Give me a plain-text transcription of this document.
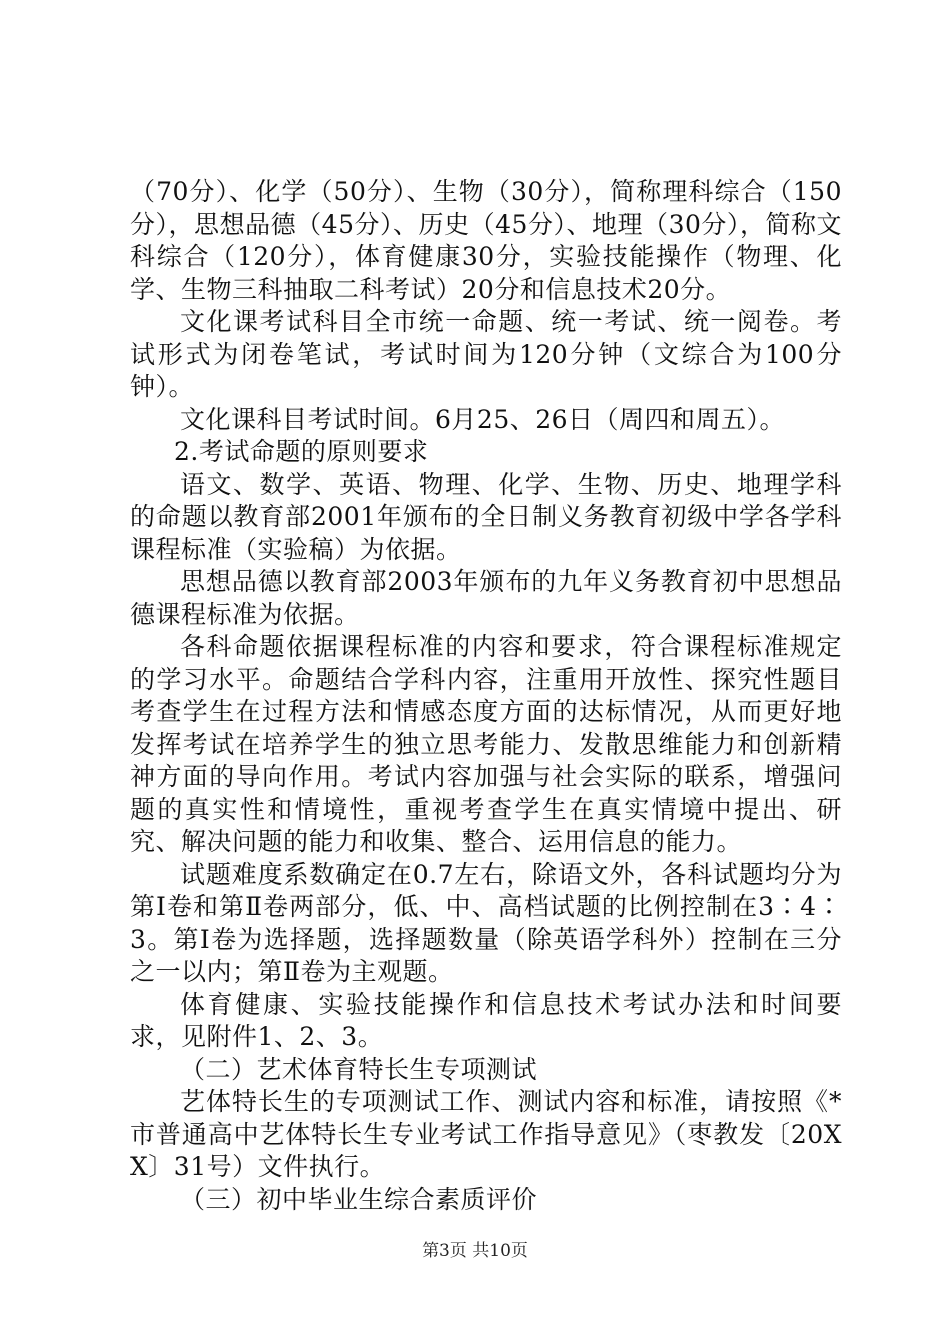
（70分）、化学（50分）、生物（30分），简称理科综合（150分），思想品德（45分）、历史（45分）、地理（30分），简称文科综合（120分），体育健康30分，实验技能操作（物理、化学、生物三科抽取二科考试）20分和信息技术20分。

文化课考试科目全市统一命题、统一考试、统一阅卷。考试形式为闭卷笔试，考试时间为120分钟（文综合为100分钟）。

文化课科目考试时间。6月25、26日（周四和周五）。

2.考试命题的原则要求

语文、数学、英语、物理、化学、生物、历史、地理学科的命题以教育部2001年颁布的全日制义务教育初级中学各学科课程标准（实验稿）为依据。

思想品德以教育部2003年颁布的九年义务教育初中思想品德课程标准为依据。

各科命题依据课程标准的内容和要求，符合课程标准规定的学习水平。命题结合学科内容，注重用开放性、探究性题目考查学生在过程方法和情感态度方面的达标情况，从而更好地发挥考试在培养学生的独立思考能力、发散思维能力和创新精神方面的导向作用。考试内容加强与社会实际的联系，增强问题的真实性和情境性，重视考查学生在真实情境中提出、研究、解决问题的能力和收集、整合、运用信息的能力。

试题难度系数确定在0.7左右，除语文外，各科试题均分为第Ⅰ卷和第Ⅱ卷两部分，低、中、高档试题的比例控制在3∶4∶3。第Ⅰ卷为选择题，选择题数量（除英语学科外）控制在三分之一以内；第Ⅱ卷为主观题。

体育健康、实验技能操作和信息技术考试办法和时间要求，见附件1、2、3。

（二）艺术体育特长生专项测试

艺体特长生的专项测试工作、测试内容和标准，请按照《*市普通高中艺体特长生专业考试工作指导意见》（枣教发〔20XX〕31号）文件执行。

（三）初中毕业生综合素质评价

第3页 共10页
